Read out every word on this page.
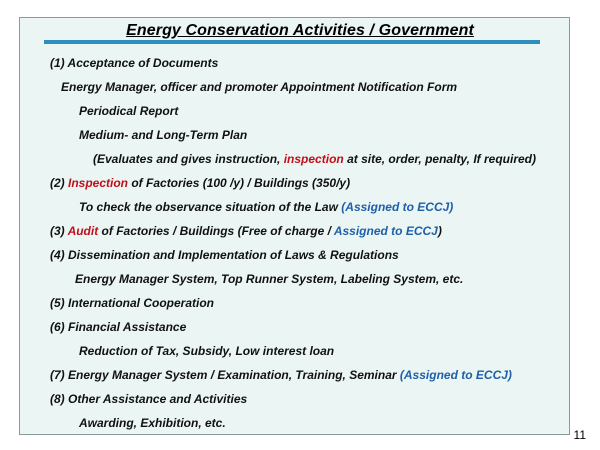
Energy Conservation Activities / Government
(1) Acceptance of Documents
Energy Manager, officer and promoter Appointment Notification Form
Periodical Report
Medium- and Long-Term Plan
(Evaluates and gives instruction, inspection at site, order, penalty, If required)
(2) Inspection of Factories (100 /y) / Buildings (350/y)
To check the observance situation of the Law (Assigned to ECCJ)
(3) Audit of Factories / Buildings (Free of charge / Assigned to ECCJ)
(4) Dissemination and Implementation of Laws & Regulations
Energy Manager System, Top Runner System, Labeling System, etc.
(5) International Cooperation
(6) Financial Assistance
Reduction of Tax, Subsidy, Low interest loan
(7) Energy Manager System / Examination, Training, Seminar (Assigned to ECCJ)
(8) Other Assistance and Activities
Awarding, Exhibition, etc.
11
